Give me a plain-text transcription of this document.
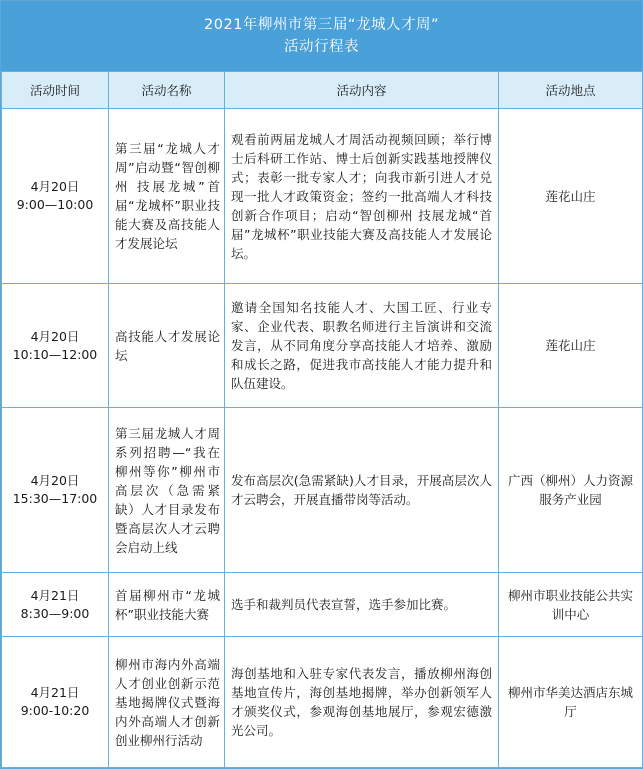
2021年柳州市第三届“龙城人才周”
活动行程表
活动时间	活动名称	活动内容	活动地点

4月20日
9:00—10:00	第三届“龙城人才周”启动暨“智创柳州 技展龙城”首届“龙城杯”职业技能大赛及高技能人才发展论坛	观看前两届龙城人才周活动视频回顾；举行博士后科研工作站、博士后创新实践基地授牌仪式；表彰一批专家人才；向我市新引进人才兑现一批人才政策资金；签约一批高端人才科技创新合作项目；启动“智创柳州 技展龙城“首届”龙城杯”职业技能大赛及高技能人才发展论坛。	莲花山庄

4月20日
10:10—12:00	高技能人才发展论坛	邀请全国知名技能人才、大国工匠、行业专家、企业代表、职教名师进行主旨演讲和交流发言，从不同角度分享高技能人才培养、激励和成长之路，促进我市高技能人才能力提升和队伍建设。	莲花山庄

4月20日
15:30—17:00	第三届龙城人才周系列招聘—“我在柳州等你”柳州市高层次（急需紧缺）人才目录发布暨高层次人才云聘会启动上线	发布高层次(急需紧缺)人才目录，开展高层次人才云聘会，开展直播带岗等活动。	广西（柳州）人力资源服务产业园

4月21日
8:30—9:00	首届柳州市“龙城杯”职业技能大赛	选手和裁判员代表宣誓，选手参加比赛。	柳州市职业技能公共实训中心

4月21日
9:00-10:20	柳州市海内外高端人才创业创新示范基地揭牌仪式暨海内外高端人才创新创业柳州行活动	海创基地和入驻专家代表发言，播放柳州海创基地宣传片，海创基地揭牌，举办创新领军人才颁奖仪式，参观海创基地展厅，参观宏德激光公司。	柳州市华美达酒店东城厅
